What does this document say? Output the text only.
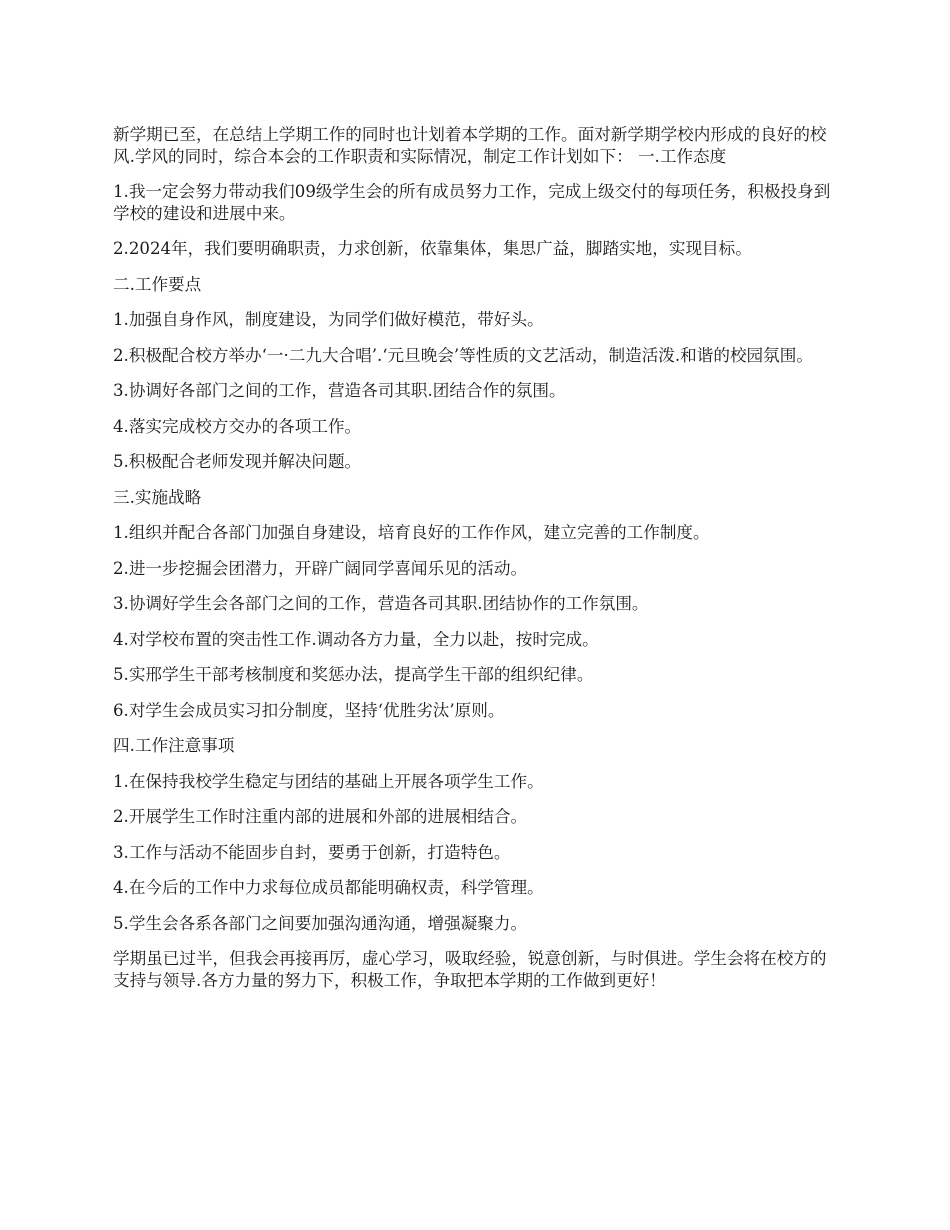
新学期已至，在总结上学期工作的同时也计划着本学期的工作。面对新学期学校内形成的良好的校风.学风的同时，综合本会的工作职责和实际情况，制定工作计划如下： 一.工作态度

1.我一定会努力带动我们09级学生会的所有成员努力工作，完成上级交付的每项任务，积极投身到学校的建设和进展中来。

2.2024年，我们要明确职责，力求创新，依靠集体，集思广益，脚踏实地，实现目标。

二.工作要点

1.加强自身作风，制度建设，为同学们做好模范，带好头。

2.积极配合校方举办‘一·二九大合唱’.‘元旦晚会’等性质的文艺活动，制造活泼.和谐的校园氛围。

3.协调好各部门之间的工作，营造各司其职.团结合作的氛围。

4.落实完成校方交办的各项工作。

5.积极配合老师发现并解决问题。

三.实施战略

1.组织并配合各部门加强自身建设，培育良好的工作作风，建立完善的工作制度。

2.进一步挖掘会团潜力，开辟广阔同学喜闻乐见的活动。

3.协调好学生会各部门之间的工作，营造各司其职.团结协作的工作氛围。

4.对学校布置的突击性工作.调动各方力量，全力以赴，按时完成。

5.实邢学生干部考核制度和奖惩办法，提高学生干部的组织纪律。

6.对学生会成员实习扣分制度，坚持‘优胜劣汰’原则。

四.工作注意事项

1.在保持我校学生稳定与团结的基础上开展各项学生工作。

2.开展学生工作时注重内部的进展和外部的进展相结合。

3.工作与活动不能固步自封，要勇于创新，打造特色。

4.在今后的工作中力求每位成员都能明确权责，科学管理。

5.学生会各系各部门之间要加强沟通沟通，增强凝聚力。

学期虽已过半，但我会再接再厉，虚心学习，吸取经验，锐意创新，与时俱进。学生会将在校方的支持与领导.各方力量的努力下，积极工作，争取把本学期的工作做到更好！
